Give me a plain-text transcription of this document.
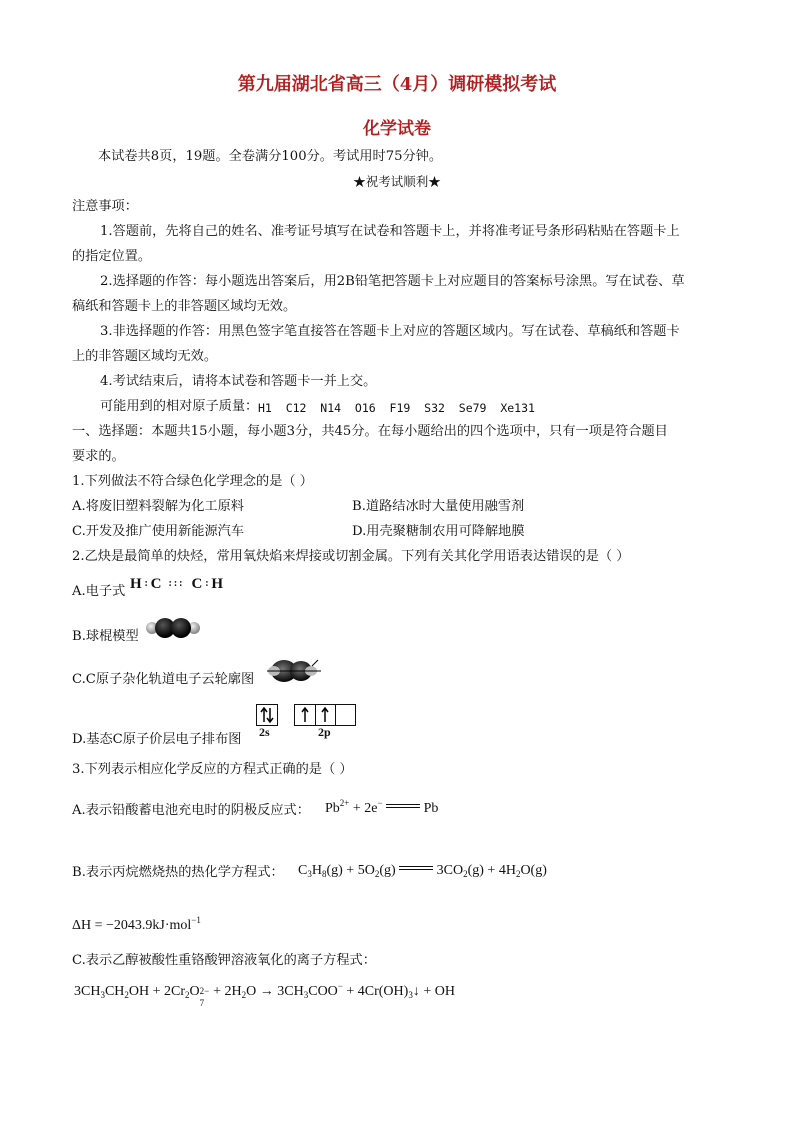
第九届湖北省高三（4月）调研模拟考试
化学试卷
本试卷共8页，19题。全卷满分100分。考试用时75分钟。
★祝考试顺利★
注意事项：
1.答题前，先将自己的姓名、准考证号填写在试卷和答题卡上，并将准考证号条形码粘贴在答题卡上
的指定位置。
2.选择题的作答：每小题选出答案后，用2B铅笔把答题卡上对应题目的答案标号涂黑。写在试卷、草
稿纸和答题卡上的非答题区域均无效。
3.非选择题的作答：用黑色签字笔直接答在答题卡上对应的答题区域内。写在试卷、草稿纸和答题卡
上的非答题区域均无效。
4.考试结束后，请将本试卷和答题卡一并上交。
可能用到的相对原子质量： H1  C12  N14  O16  F19  S32  Se79  Xe131
一、选择题：本题共15小题，每小题3分，共45分。在每小题给出的四个选项中，只有一项是符合题目
要求的。
1.下列做法不符合绿色化学理念的是（ ）
A.将废旧塑料裂解为化工原料	B.道路结冰时大量使用融雪剂
C.开发及推广使用新能源汽车	D.用壳聚糖制农用可降解地膜
2.乙炔是最简单的炔烃，常用氧炔焰来焊接或切割金属。下列有关其化学用语表达错误的是（ ）
A.电子式 H : C ::: C : H
B.球棍模型
C.C原子杂化轨道电子云轮廓图
D.基态C原子价层电子排布图 2s	2p
3.下列表示相应化学反应的方程式正确的是（ ）
A.表示铅酸蓄电池充电时的阴极反应式： $Pb^{2+} + 2e^-$	Pb
B.表示丙烷燃烧热的热化学方程式： $C_3H_8(g) + 5O_2(g) 3CO_2(g) + 4H_2O(g)$
ΔH = −2043.9kJ·mol$^{-1}$
C.表示乙醇被酸性重铬酸钾溶液氧化的离子方程式：
$3CH_3CH_2OH + 2Cr_2O$ 2−
7
+ $2H_2O \to 3CH_3COO^-$ + $4Cr(OH)_3↓$ + OH
